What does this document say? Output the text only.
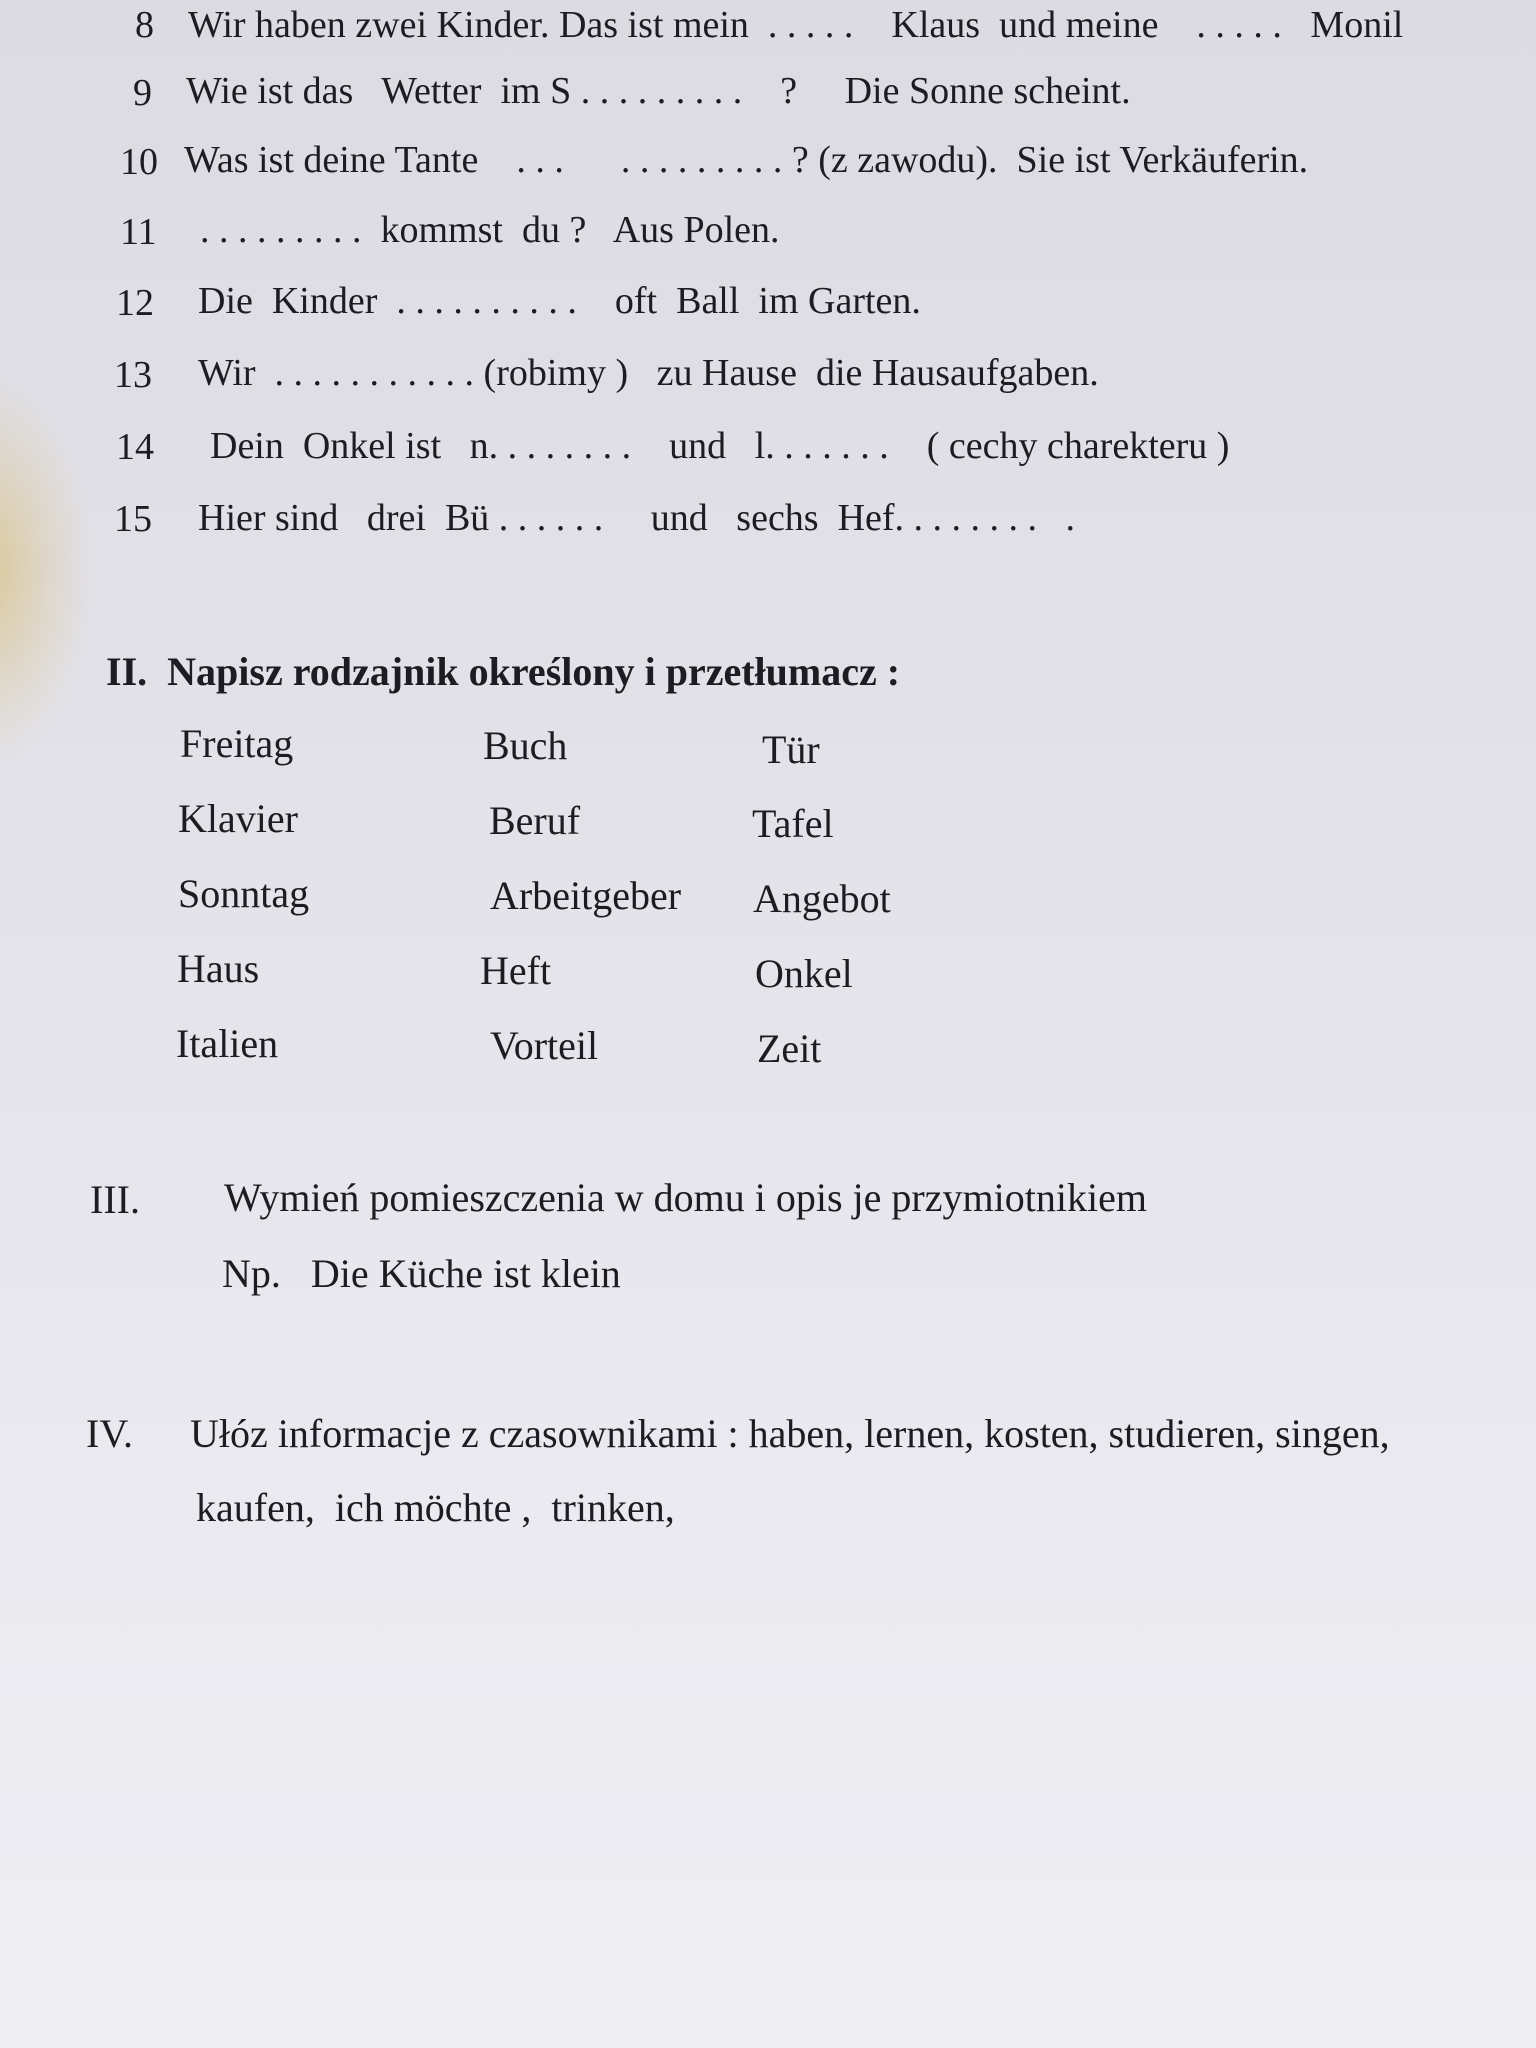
8 Wir haben zwei Kinder. Das ist mein  . . . . .    Klaus  und meine    . . . . .   Monil
9 Wie ist das   Wetter  im S . . . . . . . . .    ?     Die Sonne scheint.
10 Was ist deine Tante    . . .      . . . . . . . . . ? (z zawodu).  Sie ist Verkäuferin.
11 . . . . . . . . .  kommst  du ?   Aus Polen.
12 Die  Kinder  . . . . . . . . . .    oft  Ball  im Garten.
13 Wir  . . . . . . . . . . . (robimy )   zu Hause  die Hausaufgaben.
14 Dein  Onkel ist   n. . . . . . . .    und   l. . . . . . .    ( cechy charekteru )
15 Hier sind   drei  Bü . . . . . .     und   sechs  Hef. . . . . . . .   .
II.  Napisz rodzajnik określony i przetłumacz :
Freitag
Klavier
Sonntag
Haus
Italien
Buch
Beruf
Arbeitgeber
Heft
Vorteil
Tür
Tafel
Angebot
Onkel
Zeit
III. Wymień pomieszczenia w domu i opis je przymiotnikiem
Np.   Die Küche ist klein
IV. Ułóz informacje z czasownikami : haben, lernen, kosten, studieren, singen,
kaufen,  ich möchte ,  trinken,
